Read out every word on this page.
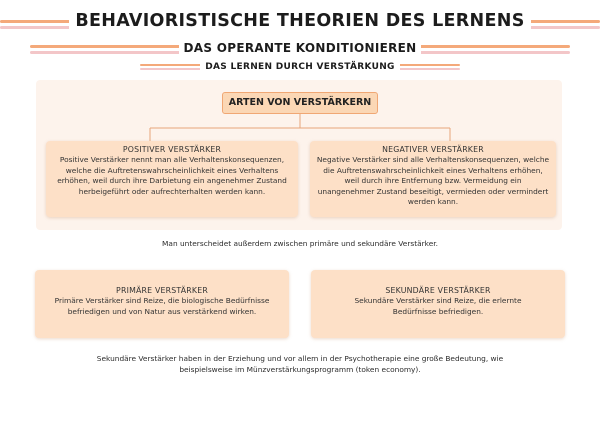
BEHAVIORISTISCHE THEORIEN DES LERNENS
DAS OPERANTE KONDITIONIEREN
DAS LERNEN DURCH VERSTÄRKUNG
ARTEN VON VERSTÄRKERN
POSITIVER VERSTÄRKER
Positive Verstärker nennt man alle Verhaltenskonsequenzen, welche die Auftretenswahrscheinlichkeit eines Verhaltens erhöhen, weil durch ihre Darbietung ein angenehmer Zustand herbeigeführt oder aufrechterhalten werden kann.
NEGATIVER VERSTÄRKER
Negative Verstärker sind alle Verhaltenskonsequenzen, welche die Auftretenswahrscheinlichkeit eines Verhaltens erhöhen, weil durch ihre Entfernung bzw. Vermeidung ein unangenehmer Zustand beseitigt, vermieden oder vermindert werden kann.

Man unterscheidet außerdem zwischen primäre und sekundäre Verstärker.

PRIMÄRE VERSTÄRKER
Primäre Verstärker sind Reize, die biologische Bedürfnisse befriedigen und von Natur aus verstärkend wirken.
SEKUNDÄRE VERSTÄRKER
Sekundäre Verstärker sind Reize, die erlernte Bedürfnisse befriedigen.

Sekundäre Verstärker haben in der Erziehung und vor allem in der Psychotherapie eine große Bedeutung, wie beispielsweise im Münzverstärkungsprogramm (token economy).
